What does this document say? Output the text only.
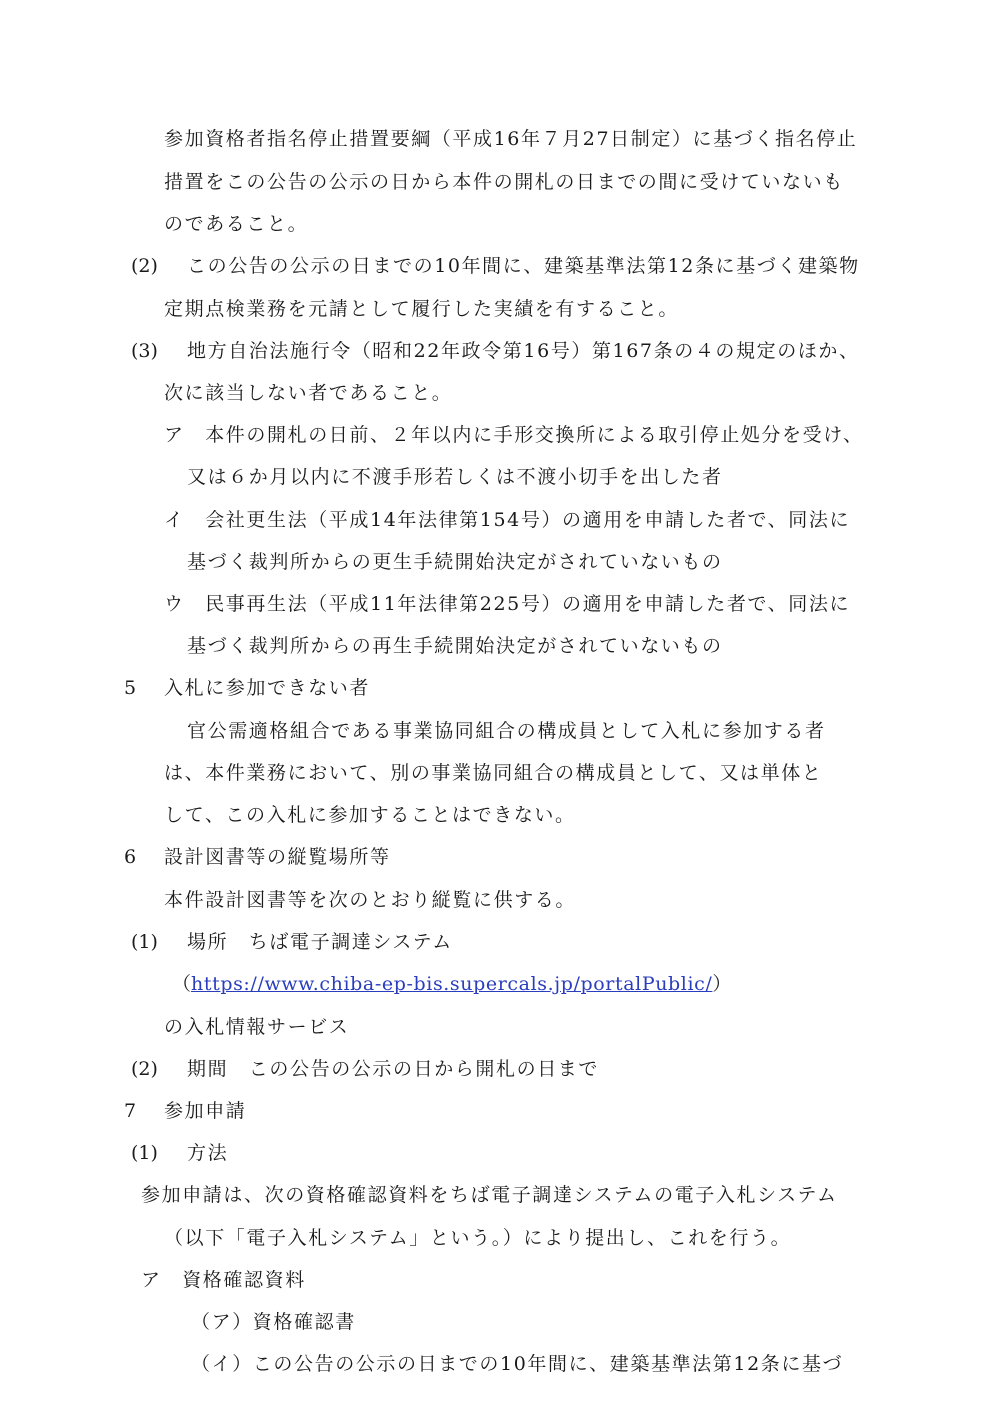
参加資格者指名停止措置要綱（平成16年７月27日制定）に基づく指名停止
措置をこの公告の公示の日から本件の開札の日までの間に受けていないも
のであること。
(2) この公告の公示の日までの10年間に、建築基準法第12条に基づく建築物
定期点検業務を元請として履行した実績を有すること。
(3) 地方自治法施行令（昭和22年政令第16号）第167条の４の規定のほか、
次に該当しない者であること。
ア　本件の開札の日前、２年以内に手形交換所による取引停止処分を受け、
又は６か月以内に不渡手形若しくは不渡小切手を出した者
イ　会社更生法（平成14年法律第154号）の適用を申請した者で、同法に
基づく裁判所からの更生手続開始決定がされていないもの
ウ　民事再生法（平成11年法律第225号）の適用を申請した者で、同法に
基づく裁判所からの再生手続開始決定がされていないもの
5 入札に参加できない者
官公需適格組合である事業協同組合の構成員として入札に参加する者
は、本件業務において、別の事業協同組合の構成員として、又は単体と
して、この入札に参加することはできない。
6 設計図書等の縦覧場所等
本件設計図書等を次のとおり縦覧に供する。
(1) 場所　ちば電子調達システム
（https://www.chiba-ep-bis.supercals.jp/portalPublic/）
の入札情報サービス
(2) 期間　この公告の公示の日から開札の日まで
7 参加申請
(1) 方法
参加申請は、次の資格確認資料をちば電子調達システムの電子入札システム
（以下「電子入札システム」という。）により提出し、これを行う。
ア　資格確認資料
（ア）資格確認書
（イ）この公告の公示の日までの10年間に、建築基準法第12条に基づ
